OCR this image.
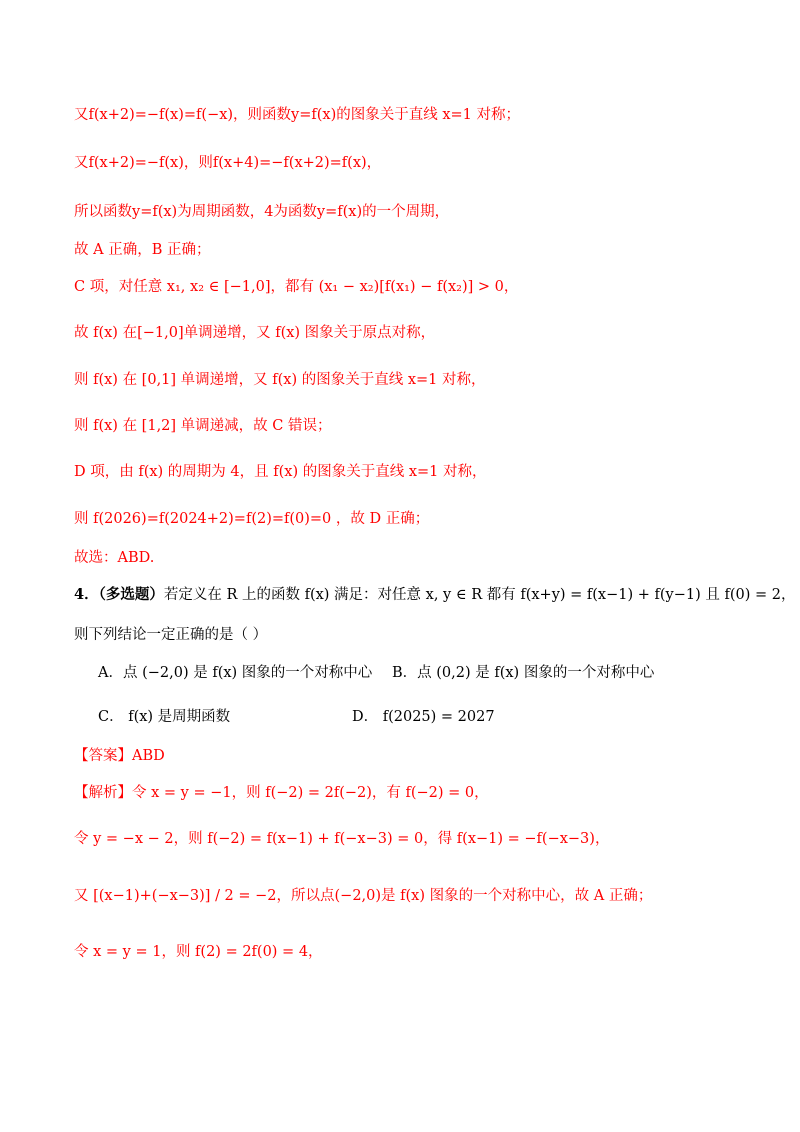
又f(x+2)=−f(x)=f(−x)，则函数y=f(x)的图象关于直线 x=1 对称；
又f(x+2)=−f(x)，则f(x+4)=−f(x+2)=f(x)，
所以函数y=f(x)为周期函数，4为函数y=f(x)的一个周期，
故 A 正确，B 正确；
C 项，对任意 x₁, x₂ ∈ [−1,0]，都有 (x₁ − x₂)[f(x₁) − f(x₂)] > 0，
故 f(x) 在[−1,0]单调递增，又 f(x) 图象关于原点对称，
则 f(x) 在 [0,1] 单调递增，又 f(x) 的图象关于直线 x=1 对称，
则 f(x) 在 [1,2] 单调递减，故 C 错误；
D 项，由 f(x) 的周期为 4，且 f(x) 的图象关于直线 x=1 对称，
则 f(2026)=f(2024+2)=f(2)=f(0)=0 ，故 D 正确；
故选：ABD.
4．（多选题）若定义在 R 上的函数 f(x) 满足：对任意 x, y ∈ R 都有 f(x+y) = f(x−1) + f(y−1) 且 f(0) = 2，
则下列结论一定正确的是（ ）
A．点 (−2,0) 是 f(x) 图象的一个对称中心 B．点 (0,2) 是 f(x) 图象的一个对称中心
C． f(x) 是周期函数	D． f(2025) = 2027
【答案】ABD
【解析】令 x = y = −1，则 f(−2) = 2f(−2)，有 f(−2) = 0，
令 y = −x − 2，则 f(−2) = f(x−1) + f(−x−3) = 0，得 f(x−1) = −f(−x−3)，
又 [(x−1)+(−x−3)] / 2 = −2，所以点(−2,0)是 f(x) 图象的一个对称中心，故 A 正确；
令 x = y = 1，则 f(2) = 2f(0) = 4，
